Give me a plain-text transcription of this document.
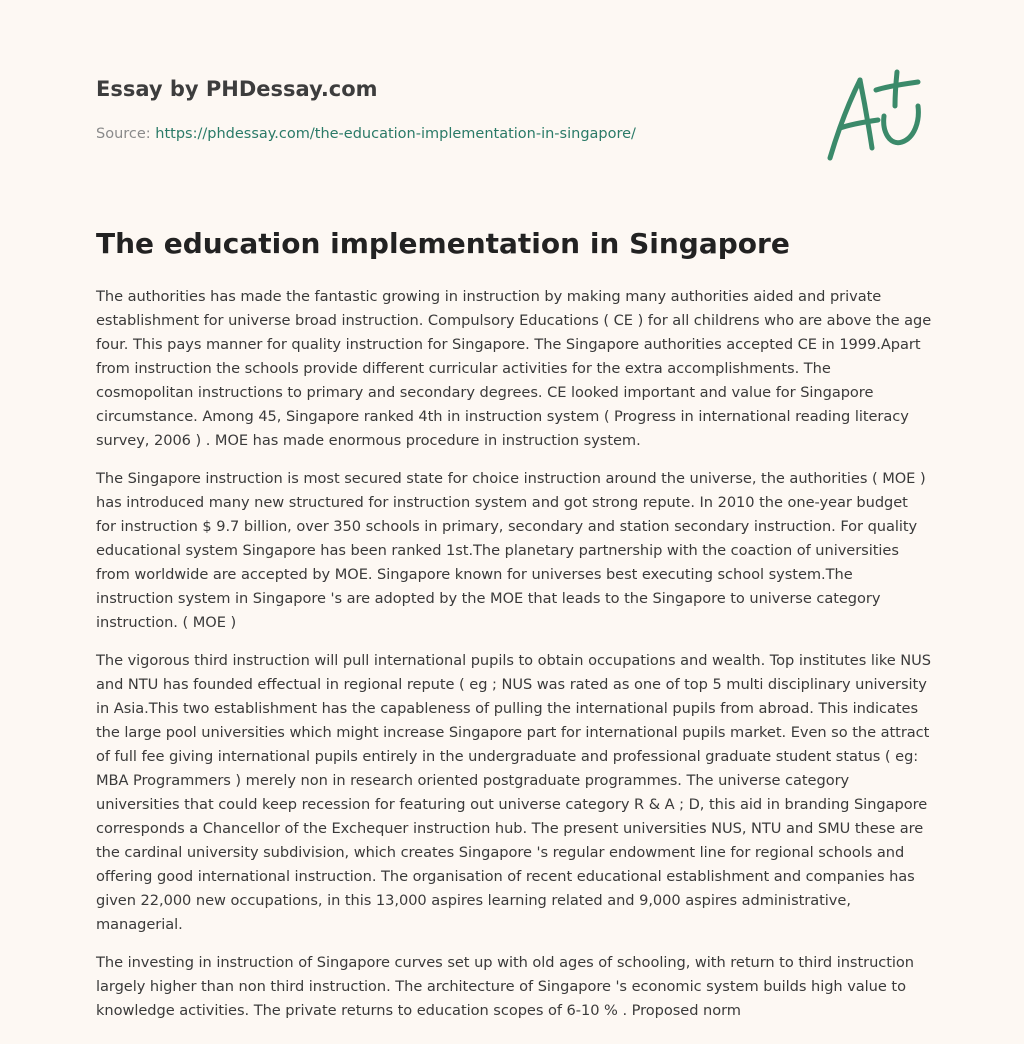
Essay by PHDessay.com
Source: https://phdessay.com/the-education-implementation-in-singapore/
The education implementation in Singapore

The authorities has made the fantastic growing in instruction by making many authorities aided and private establishment for universe broad instruction. Compulsory Educations ( CE ) for all childrens who are above the age four. This pays manner for quality instruction for Singapore. The Singapore authorities accepted CE in 1999.Apart from instruction the schools provide different curricular activities for the extra accomplishments. The cosmopolitan instructions to primary and secondary degrees. CE looked important and value for Singapore circumstance. Among 45, Singapore ranked 4th in instruction system ( Progress in international reading literacy survey, 2006 ) . MOE has made enormous procedure in instruction system.

The Singapore instruction is most secured state for choice instruction around the universe, the authorities ( MOE ) has introduced many new structured for instruction system and got strong repute. In 2010 the one-year budget for instruction $ 9.7 billion, over 350 schools in primary, secondary and station secondary instruction. For quality educational system Singapore has been ranked 1st.The planetary partnership with the coaction of universities from worldwide are accepted by MOE. Singapore known for universes best executing school system.The instruction system in Singapore 's are adopted by the MOE that leads to the Singapore to universe category instruction. ( MOE )

The vigorous third instruction will pull international pupils to obtain occupations and wealth. Top institutes like NUS and NTU has founded effectual in regional repute ( eg ; NUS was rated as one of top 5 multi disciplinary university in Asia.This two establishment has the capableness of pulling the international pupils from abroad. This indicates the large pool universities which might increase Singapore part for international pupils market. Even so the attract of full fee giving international pupils entirely in the undergraduate and professional graduate student status ( eg: MBA Programmers ) merely non in research oriented postgraduate programmes. The universe category universities that could keep recession for featuring out universe category R & A ; D, this aid in branding Singapore corresponds a Chancellor of the Exchequer instruction hub. The present universities NUS, NTU and SMU these are the cardinal university subdivision, which creates Singapore 's regular endowment line for regional schools and offering good international instruction. The organisation of recent educational establishment and companies has given 22,000 new occupations, in this 13,000 aspires learning related and 9,000 aspires administrative, managerial.

The investing in instruction of Singapore curves set up with old ages of schooling, with return to third instruction largely higher than non third instruction. The architecture of Singapore 's economic system builds high value to knowledge activities. The private returns to education scopes of 6-10 % . Proposed norm
